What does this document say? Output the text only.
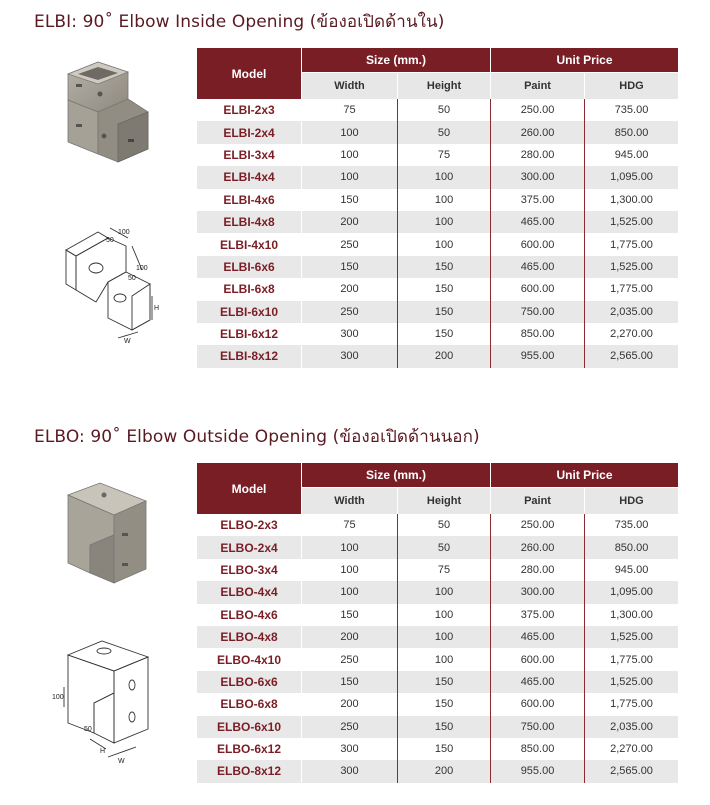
ELBI: 90˚ Elbow Inside Opening (ข้องอเปิดด้านใน)
100
50
100
50
H
W
Model	Size (mm.)		Unit Price	
	Width	Height	Paint	HDG
ELBI-2x3	75	50	250.00	735.00
ELBI-2x4	100	50	260.00	850.00
ELBI-3x4	100	75	280.00	945.00
ELBI-4x4	100	100	300.00	1,095.00
ELBI-4x6	150	100	375.00	1,300.00
ELBI-4x8	200	100	465.00	1,525.00
ELBI-4x10	250	100	600.00	1,775.00
ELBI-6x6	150	150	465.00	1,525.00
ELBI-6x8	200	150	600.00	1,775.00
ELBI-6x10	250	150	750.00	2,035.00
ELBI-6x12	300	150	850.00	2,270.00
ELBI-8x12	300	200	955.00	2,565.00
ELBO: 90˚ Elbow Outside Opening (ข้องอเปิดด้านนอก)
100
50
H
W
Model	Size (mm.)		Unit Price	
	Width	Height	Paint	HDG
ELBO-2x3	75	50	250.00	735.00
ELBO-2x4	100	50	260.00	850.00
ELBO-3x4	100	75	280.00	945.00
ELBO-4x4	100	100	300.00	1,095.00
ELBO-4x6	150	100	375.00	1,300.00
ELBO-4x8	200	100	465.00	1,525.00
ELBO-4x10	250	100	600.00	1,775.00
ELBO-6x6	150	150	465.00	1,525.00
ELBO-6x8	200	150	600.00	1,775.00
ELBO-6x10	250	150	750.00	2,035.00
ELBO-6x12	300	150	850.00	2,270.00
ELBO-8x12	300	200	955.00	2,565.00
